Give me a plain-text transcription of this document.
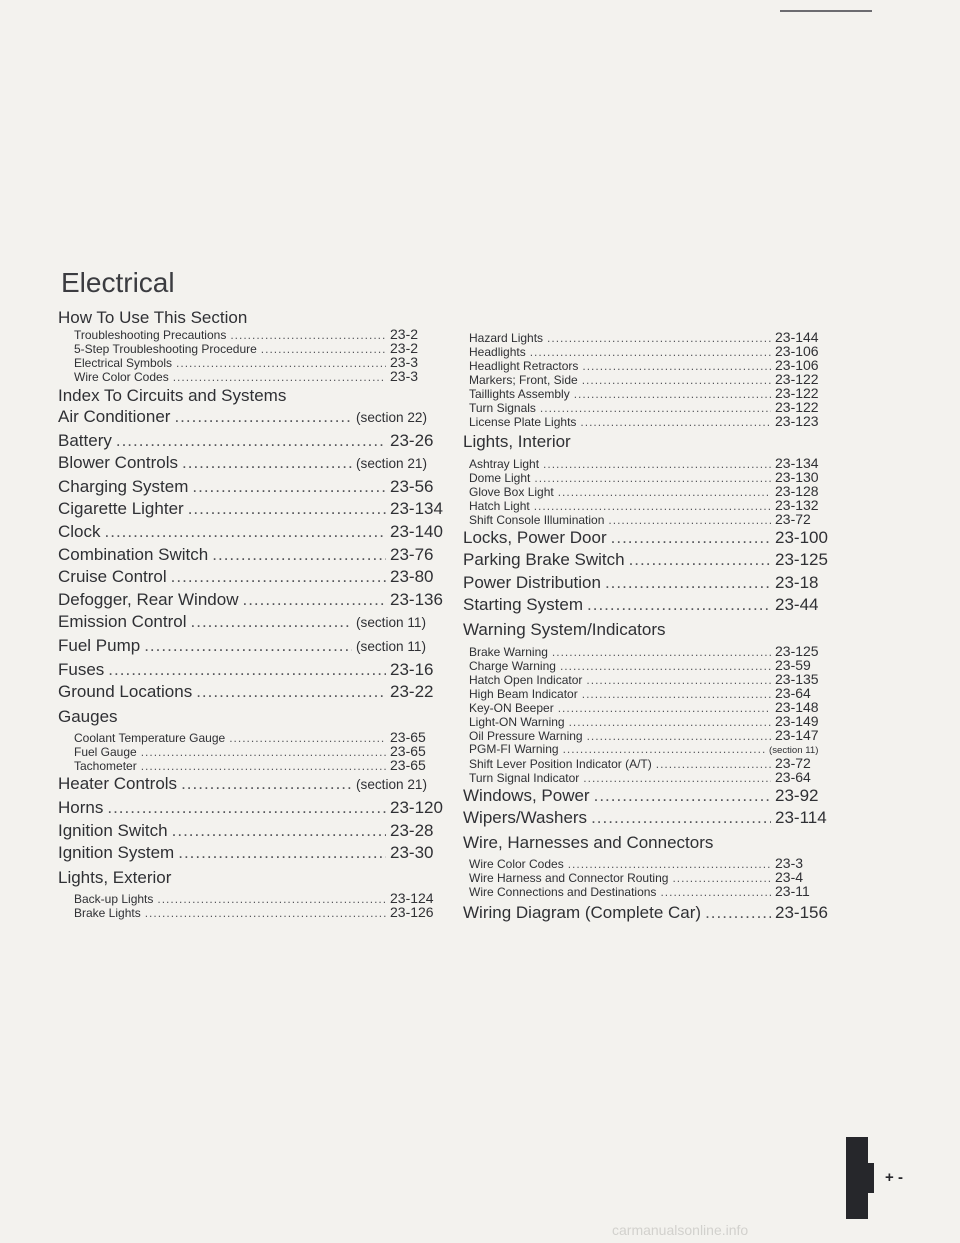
Electrical
How To Use This Section
Troubleshooting Precautions .....	23-2
5-Step Troubleshooting Procedure .....	23-2
Electrical Symbols .....	23-3
Wire Color Codes .....	23-3
Index To Circuits and Systems
Air Conditioner .....	(section 22)
Battery .....	23-26
Blower Controls .....	(section 21)
Charging System .....	23-56
Cigarette Lighter .....	23-134
Clock .....	23-140
Combination Switch .....	23-76
Cruise Control .....	23-80
Defogger, Rear Window .....	23-136
Emission Control .....	(section 11)
Fuel Pump .....	(section 11)
Fuses .....	23-16
Ground Locations .....	23-22
Gauges
Coolant Temperature Gauge .....	23-65
Fuel Gauge .....	23-65
Tachometer .....	23-65
Heater Controls .....	(section 21)
Horns .....	23-120
Ignition Switch .....	23-28
Ignition System .....	23-30
Lights, Exterior
Back-up Lights .....	23-124
Brake Lights .....	23-126
Hazard Lights .....	23-144
Headlights .....	23-106
Headlight Retractors .....	23-106
Markers; Front, Side .....	23-122
Taillights Assembly .....	23-122
Turn Signals .....	23-122
License Plate Lights .....	23-123
Lights, Interior
Ashtray Light .....	23-134
Dome Light .....	23-130
Glove Box Light .....	23-128
Hatch Light .....	23-132
Shift Console Illumination .....	23-72
Locks, Power Door .....	23-100
Parking Brake Switch .....	23-125
Power Distribution .....	23-18
Starting System .....	23-44
Warning System/Indicators
Brake Warning .....	23-125
Charge Warning .....	23-59
Hatch Open Indicator .....	23-135
High Beam Indicator .....	23-64
Key-ON Beeper .....	23-148
Light-ON Warning .....	23-149
Oil Pressure Warning .....	23-147
PGM-FI Warning .....	(section 11)
Shift Lever Position Indicator (A/T) .....	23-72
Turn Signal Indicator .....	23-64
Windows, Power .....	23-92
Wipers/Washers .....	23-114
Wire, Harnesses and Connectors
Wire Color Codes .....	23-3
Wire Harness and Connector Routing .....	23-4
Wire Connections and Destinations .....	23-11
Wiring Diagram (Complete Car) .....	23-156
+ -
carmanualsonline.info
